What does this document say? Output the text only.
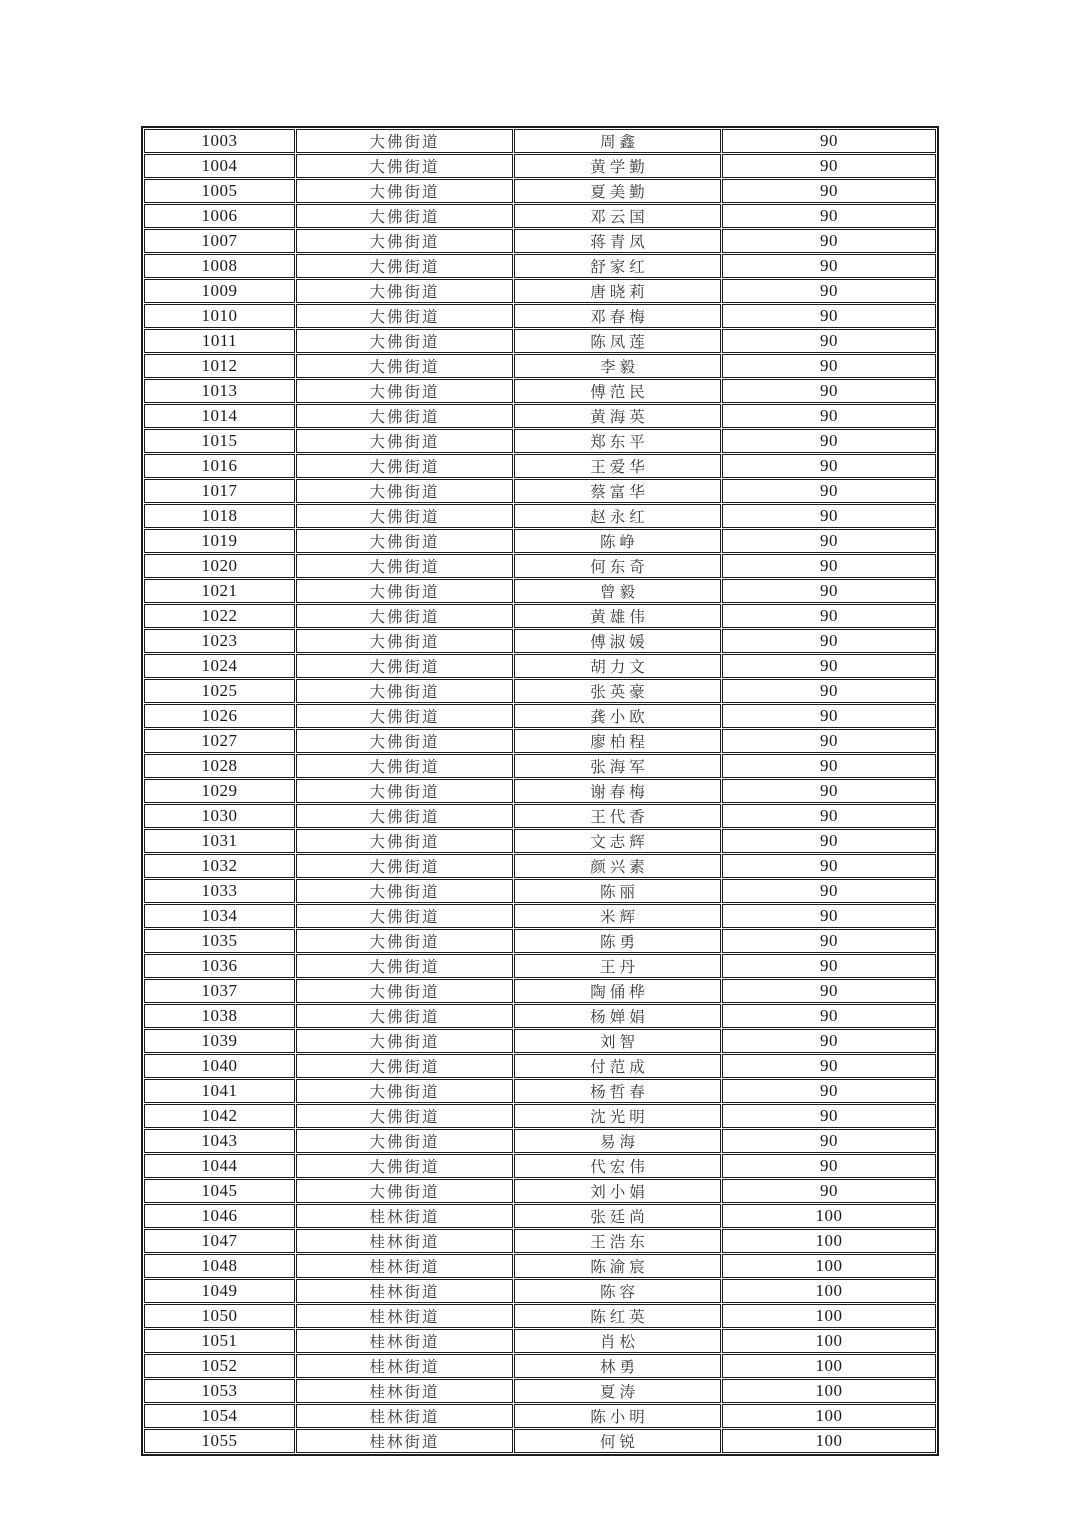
1003	大佛街道	周鑫	90
1004	大佛街道	黄学勤	90
1005	大佛街道	夏美勤	90
1006	大佛街道	邓云国	90
1007	大佛街道	蒋青凤	90
1008	大佛街道	舒家红	90
1009	大佛街道	唐晓莉	90
1010	大佛街道	邓春梅	90
1011	大佛街道	陈凤莲	90
1012	大佛街道	李毅	90
1013	大佛街道	傅范民	90
1014	大佛街道	黄海英	90
1015	大佛街道	郑东平	90
1016	大佛街道	王爱华	90
1017	大佛街道	蔡富华	90
1018	大佛街道	赵永红	90
1019	大佛街道	陈峥	90
1020	大佛街道	何东奇	90
1021	大佛街道	曾毅	90
1022	大佛街道	黄雄伟	90
1023	大佛街道	傅淑媛	90
1024	大佛街道	胡力文	90
1025	大佛街道	张英豪	90
1026	大佛街道	龚小欧	90
1027	大佛街道	廖柏程	90
1028	大佛街道	张海军	90
1029	大佛街道	谢春梅	90
1030	大佛街道	王代香	90
1031	大佛街道	文志辉	90
1032	大佛街道	颜兴素	90
1033	大佛街道	陈丽	90
1034	大佛街道	米辉	90
1035	大佛街道	陈勇	90
1036	大佛街道	王丹	90
1037	大佛街道	陶俑桦	90
1038	大佛街道	杨婵娟	90
1039	大佛街道	刘智	90
1040	大佛街道	付范成	90
1041	大佛街道	杨哲春	90
1042	大佛街道	沈光明	90
1043	大佛街道	易海	90
1044	大佛街道	代宏伟	90
1045	大佛街道	刘小娟	90
1046	桂林街道	张廷尚	100
1047	桂林街道	王浩东	100
1048	桂林街道	陈渝宸	100
1049	桂林街道	陈容	100
1050	桂林街道	陈红英	100
1051	桂林街道	肖松	100
1052	桂林街道	林勇	100
1053	桂林街道	夏涛	100
1054	桂林街道	陈小明	100
1055	桂林街道	何锐	100
